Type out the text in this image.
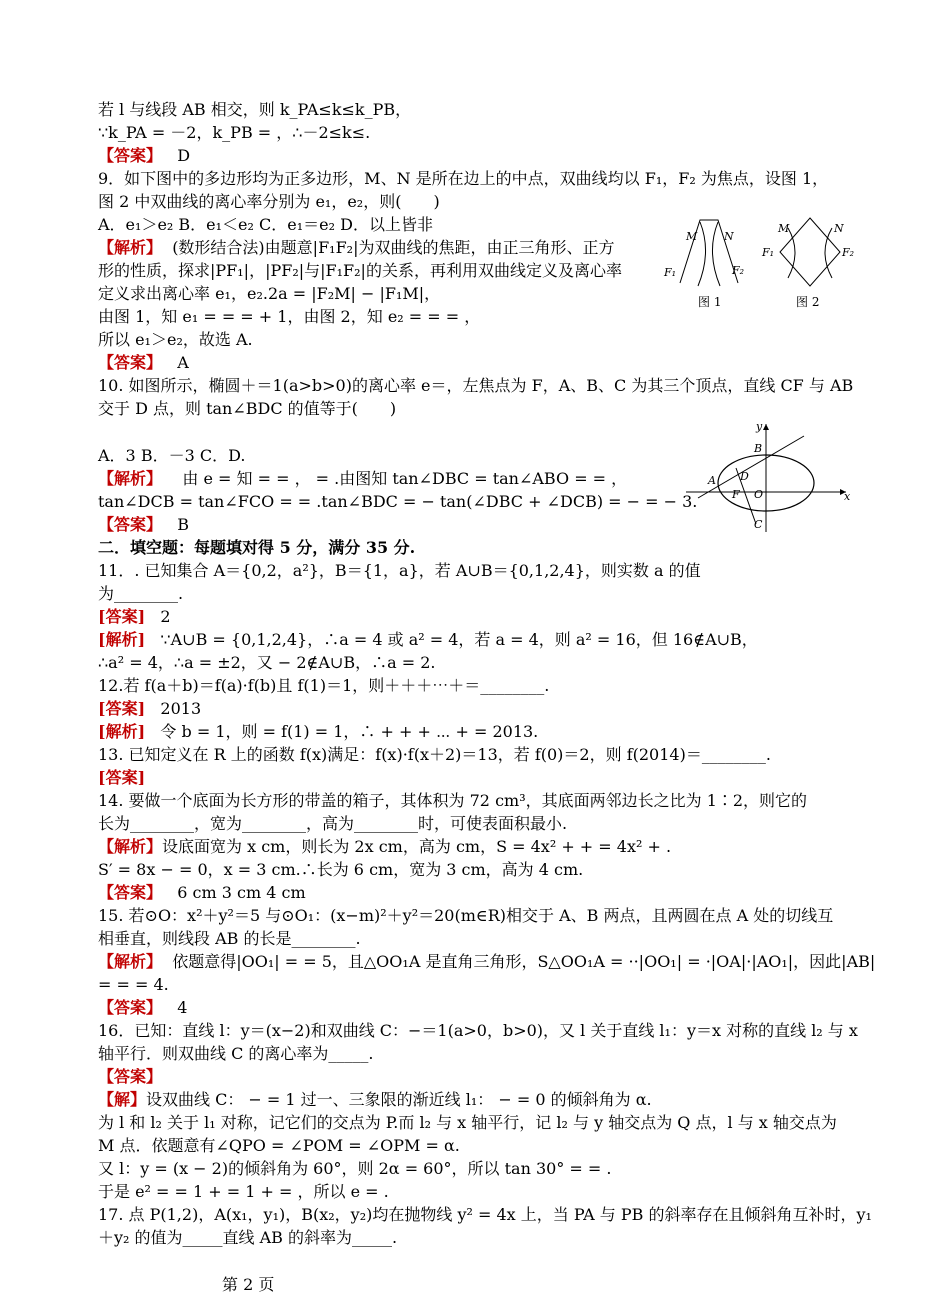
若 l 与线段 AB 相交，则 k_PA≤k≤k_PB，
∵k_PA = －2，k_PB = ，∴－2≤k≤.
【答案】 D
9．如下图中的多边形均为正多边形，M、N 是所在边上的中点，双曲线均以 F₁，F₂ 为焦点，设图 1，
图 2 中双曲线的离心率分别为 e₁，e₂，则(　　)
A．e₁＞e₂ B．e₁＜e₂ C．e₁＝e₂ D．以上皆非
【解析】 (数形结合法)由题意|F₁F₂|为双曲线的焦距，由正三角形、正方
形的性质，探求|PF₁|，|PF₂|与|F₁F₂|的关系，再利用双曲线定义及离心率
定义求出离心率 e₁，e₂.2a = |F₂M| − |F₁M|，
由图 1，知 e₁ = = = + 1，由图 2，知 e₂ = = = ，
所以 e₁＞e₂，故选 A.
【答案】 A
10. 如图所示，椭圆＋＝1(a>b>0)的离心率 e＝，左焦点为 F，A、B、C 为其三个顶点，直线 CF 与 AB
交于 D 点，则 tan∠BDC 的值等于(　　)
A．3 B．－3 C．D.
【解析】 由 e = 知 = = ， = .由图知 tan∠DBC = tan∠ABO = = ，
tan∠DCB = tan∠FCO = = .tan∠BDC = − tan(∠DBC + ∠DCB) = − = − 3.
【答案】 B
二．填空题：每题填对得 5 分，满分 35 分.
11．. 已知集合 A＝{0,2，a²}，B＝{1，a}，若 A∪B＝{0,1,2,4}，则实数 a 的值
为________.
[答案] 2
[解析] ∵A∪B = {0,1,2,4}，∴a = 4 或 a² = 4，若 a = 4，则 a² = 16，但 16∉A∪B，
∴a² = 4，∴a = ±2，又 − 2∉A∪B，∴a = 2.
12.若 f(a＋b)＝f(a)·f(b)且 f(1)＝1，则＋＋＋⋯＋＝________.
[答案] 2013
[解析] 令 b = 1，则 = f(1) = 1，∴ + + + ⋯ + = 2013.
13. 已知定义在 R 上的函数 f(x)满足：f(x)·f(x＋2)＝13，若 f(0)＝2，则 f(2014)＝________.
[答案]
14. 要做一个底面为长方形的带盖的箱子，其体积为 72 cm³，其底面两邻边长之比为 1∶2，则它的
长为________，宽为________，高为________时，可使表面积最小.
【解析】设底面宽为 x cm，则长为 2x cm，高为 cm，S = 4x² + + = 4x² + .
S′ = 8x − = 0，x = 3 cm.∴长为 6 cm，宽为 3 cm，高为 4 cm.
【答案】 6 cm 3 cm 4 cm
15. 若⊙O：x²＋y²＝5 与⊙O₁：(x−m)²＋y²＝20(m∈R)相交于 A、B 两点，且两圆在点 A 处的切线互
相垂直，则线段 AB 的长是________.
【解析】 依题意得|OO₁| = = 5，且△OO₁A 是直角三角形，S△OO₁A = ··|OO₁| = ·|OA|·|AO₁|，因此|AB|
= = = 4.
【答案】 4
16．已知：直线 l：y＝(x−2)和双曲线 C：−＝1(a>0，b>0)，又 l 关于直线 l₁：y＝x 对称的直线 l₂ 与 x
轴平行．则双曲线 C 的离心率为_____.
【答案】
【解】设双曲线 C： − = 1 过一、三象限的渐近线 l₁： − = 0 的倾斜角为 α.
为 l 和 l₂ 关于 l₁ 对称，记它们的交点为 P.而 l₂ 与 x 轴平行，记 l₂ 与 y 轴交点为 Q 点，l 与 x 轴交点为
M 点．依题意有∠QPO = ∠POM = ∠OPM = α.
又 l：y = (x − 2)的倾斜角为 60°，则 2α = 60°，所以 tan 30° = = .
于是 e² = = 1 + = 1 + = ，所以 e = .
17. 点 P(1,2)，A(x₁，y₁)，B(x₂，y₂)均在抛物线 y² = 4x 上，当 PA 与 PB 的斜率存在且倾斜角互补时，y₁
＋y₂ 的值为_____直线 AB 的斜率为_____.
M N
F₁	F₂
图 1
M	N
F₁	F₂
图 2
y
x
B
A D
F O
C
第 2 页
